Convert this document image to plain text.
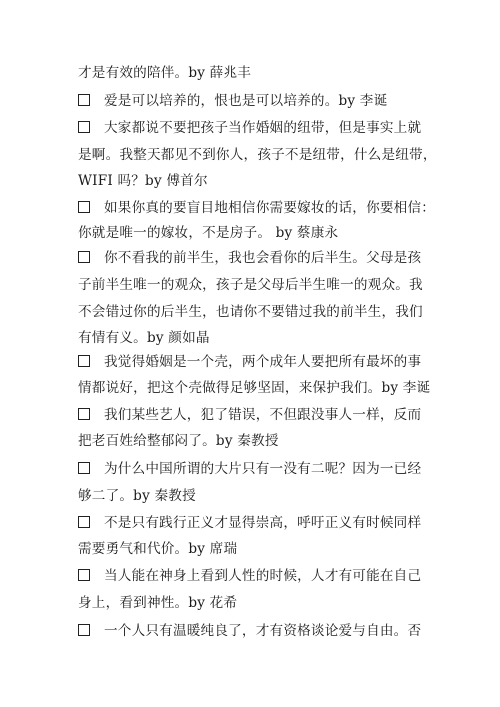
才是有效的陪伴。by 薛兆丰
爱是可以培养的，恨也是可以培养的。by 李诞
大家都说不要把孩子当作婚姻的纽带，但是事实上就
是啊。我整天都见不到你人，孩子不是纽带，什么是纽带，
WIFI 吗？by 傅首尔
如果你真的要盲目地相信你需要嫁妆的话，你要相信：
你就是唯一的嫁妆，不是房子。 by 蔡康永
你不看我的前半生，我也会看你的后半生。父母是孩
子前半生唯一的观众，孩子是父母后半生唯一的观众。我
不会错过你的后半生，也请你不要错过我的前半生，我们
有情有义。by 颜如晶
我觉得婚姻是一个壳，两个成年人要把所有最坏的事
情都说好，把这个壳做得足够坚固，来保护我们。by 李诞
我们某些艺人，犯了错误，不但跟没事人一样，反而
把老百姓给整郁闷了。by 秦教授
为什么中国所谓的大片只有一没有二呢？因为一已经
够二了。by 秦教授
不是只有践行正义才显得崇高，呼吁正义有时候同样
需要勇气和代价。by 席瑞
当人能在神身上看到人性的时候，人才有可能在自己
身上，看到神性。by 花希
一个人只有温暖纯良了，才有资格谈论爱与自由。否
